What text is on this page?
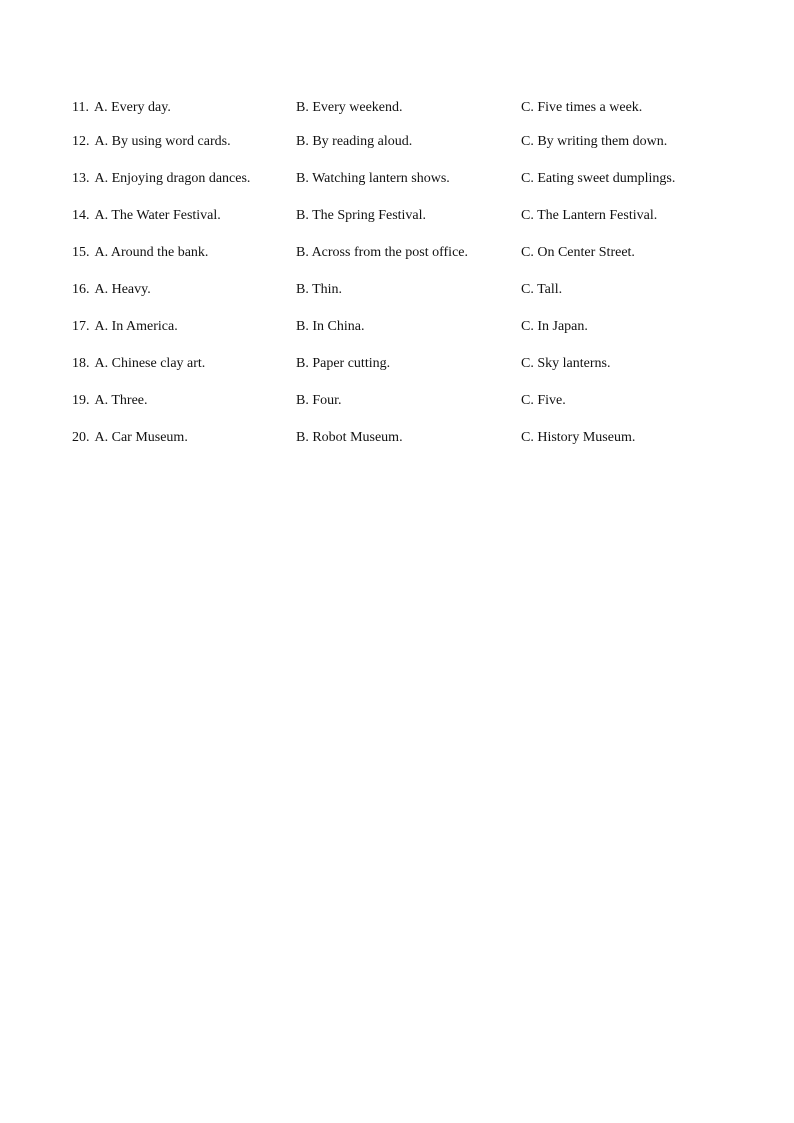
11. A. Every day.	B. Every weekend.	C. Five times a week.
12. A. By using word cards.	B. By reading aloud.	C. By writing them down.
13. A. Enjoying dragon dances.	B. Watching lantern shows.	C. Eating sweet dumplings.
14. A. The Water Festival.	B. The Spring Festival.	C. The Lantern Festival.
15. A. Around the bank.	B. Across from the post office.	C. On Center Street.
16. A. Heavy.	B. Thin.	C. Tall.
17. A. In America.	B. In China.	C. In Japan.
18. A. Chinese clay art.	B. Paper cutting.	C. Sky lanterns.
19. A. Three.	B. Four.	C. Five.
20. A. Car Museum.	B. Robot Museum.	C. History Museum.
